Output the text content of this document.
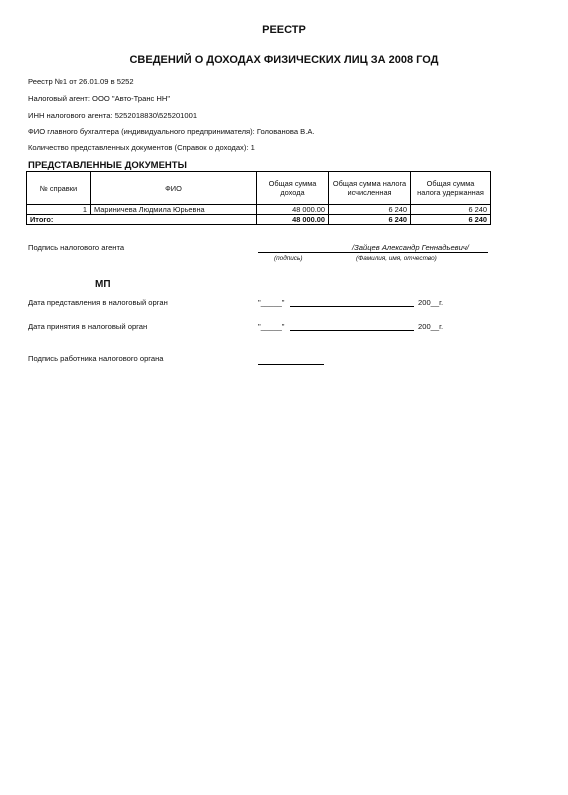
РЕЕСТР
СВЕДЕНИЙ О ДОХОДАХ ФИЗИЧЕСКИХ ЛИЦ ЗА 2008 ГОД
Реестр №1 от 26.01.09 в 5252
Налоговый агент: ООО "Авто-Транс НН"
ИНН налогового агента: 5252018830\525201001
ФИО главного бухгалтера (индивидуального предпринимателя): Голованова В.А.
Количество представленных документов (Справок о доходах): 1
ПРЕДСТАВЛЕННЫЕ ДОКУМЕНТЫ
№ справки	ФИО	Общая сумма дохода	Общая сумма налога исчисленная	Общая сумма налога удержанная
1	Мариничева Людмила Юрьевна	48 000.00	6 240	6 240
Итого:		48 000.00	6 240	6 240
Подпись налогового агента	/Зайцев Александр Геннадьевич/
(подпись)	(Фамилия, имя, отчество)
МП
Дата представления в налоговый орган	"_____"	200__г.
Дата принятия в налоговый орган	"_____"	200__г.
Подпись работника налогового органа
